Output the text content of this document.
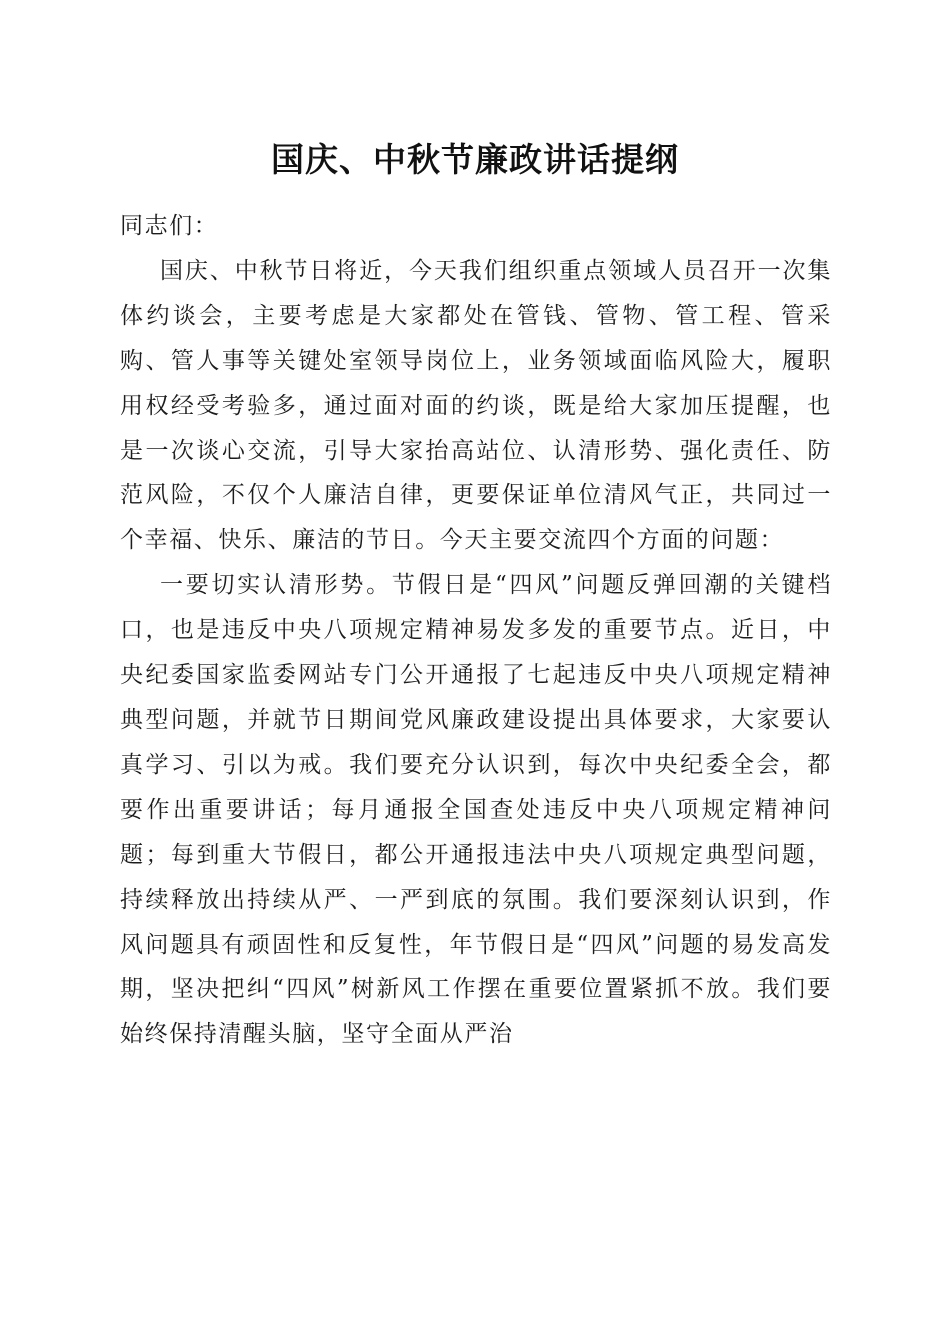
国庆、中秋节廉政讲话提纲

同志们：

国庆、中秋节日将近，今天我们组织重点领域人员召开一次集体约谈会，主要考虑是大家都处在管钱、管物、管工程、管采购、管人事等关键处室领导岗位上，业务领域面临风险大，履职用权经受考验多，通过面对面的约谈，既是给大家加压提醒，也是一次谈心交流，引导大家抬高站位、认清形势、强化责任、防范风险，不仅个人廉洁自律，更要保证单位清风气正，共同过一个幸福、快乐、廉洁的节日。今天主要交流四个方面的问题：

一要切实认清形势。节假日是“四风”问题反弹回潮的关键档口，也是违反中央八项规定精神易发多发的重要节点。近日，中央纪委国家监委网站专门公开通报了七起违反中央八项规定精神典型问题，并就节日期间党风廉政建设提出具体要求，大家要认真学习、引以为戒。我们要充分认识到，每次中央纪委全会，都要作出重要讲话；每月通报全国查处违反中央八项规定精神问题；每到重大节假日，都公开通报违法中央八项规定典型问题，持续释放出持续从严、一严到底的氛围。我们要深刻认识到，作风问题具有顽固性和反复性，年节假日是“四风”问题的易发高发期，坚决把纠“四风”树新风工作摆在重要位置紧抓不放。我们要始终保持清醒头脑，坚守全面从严治
